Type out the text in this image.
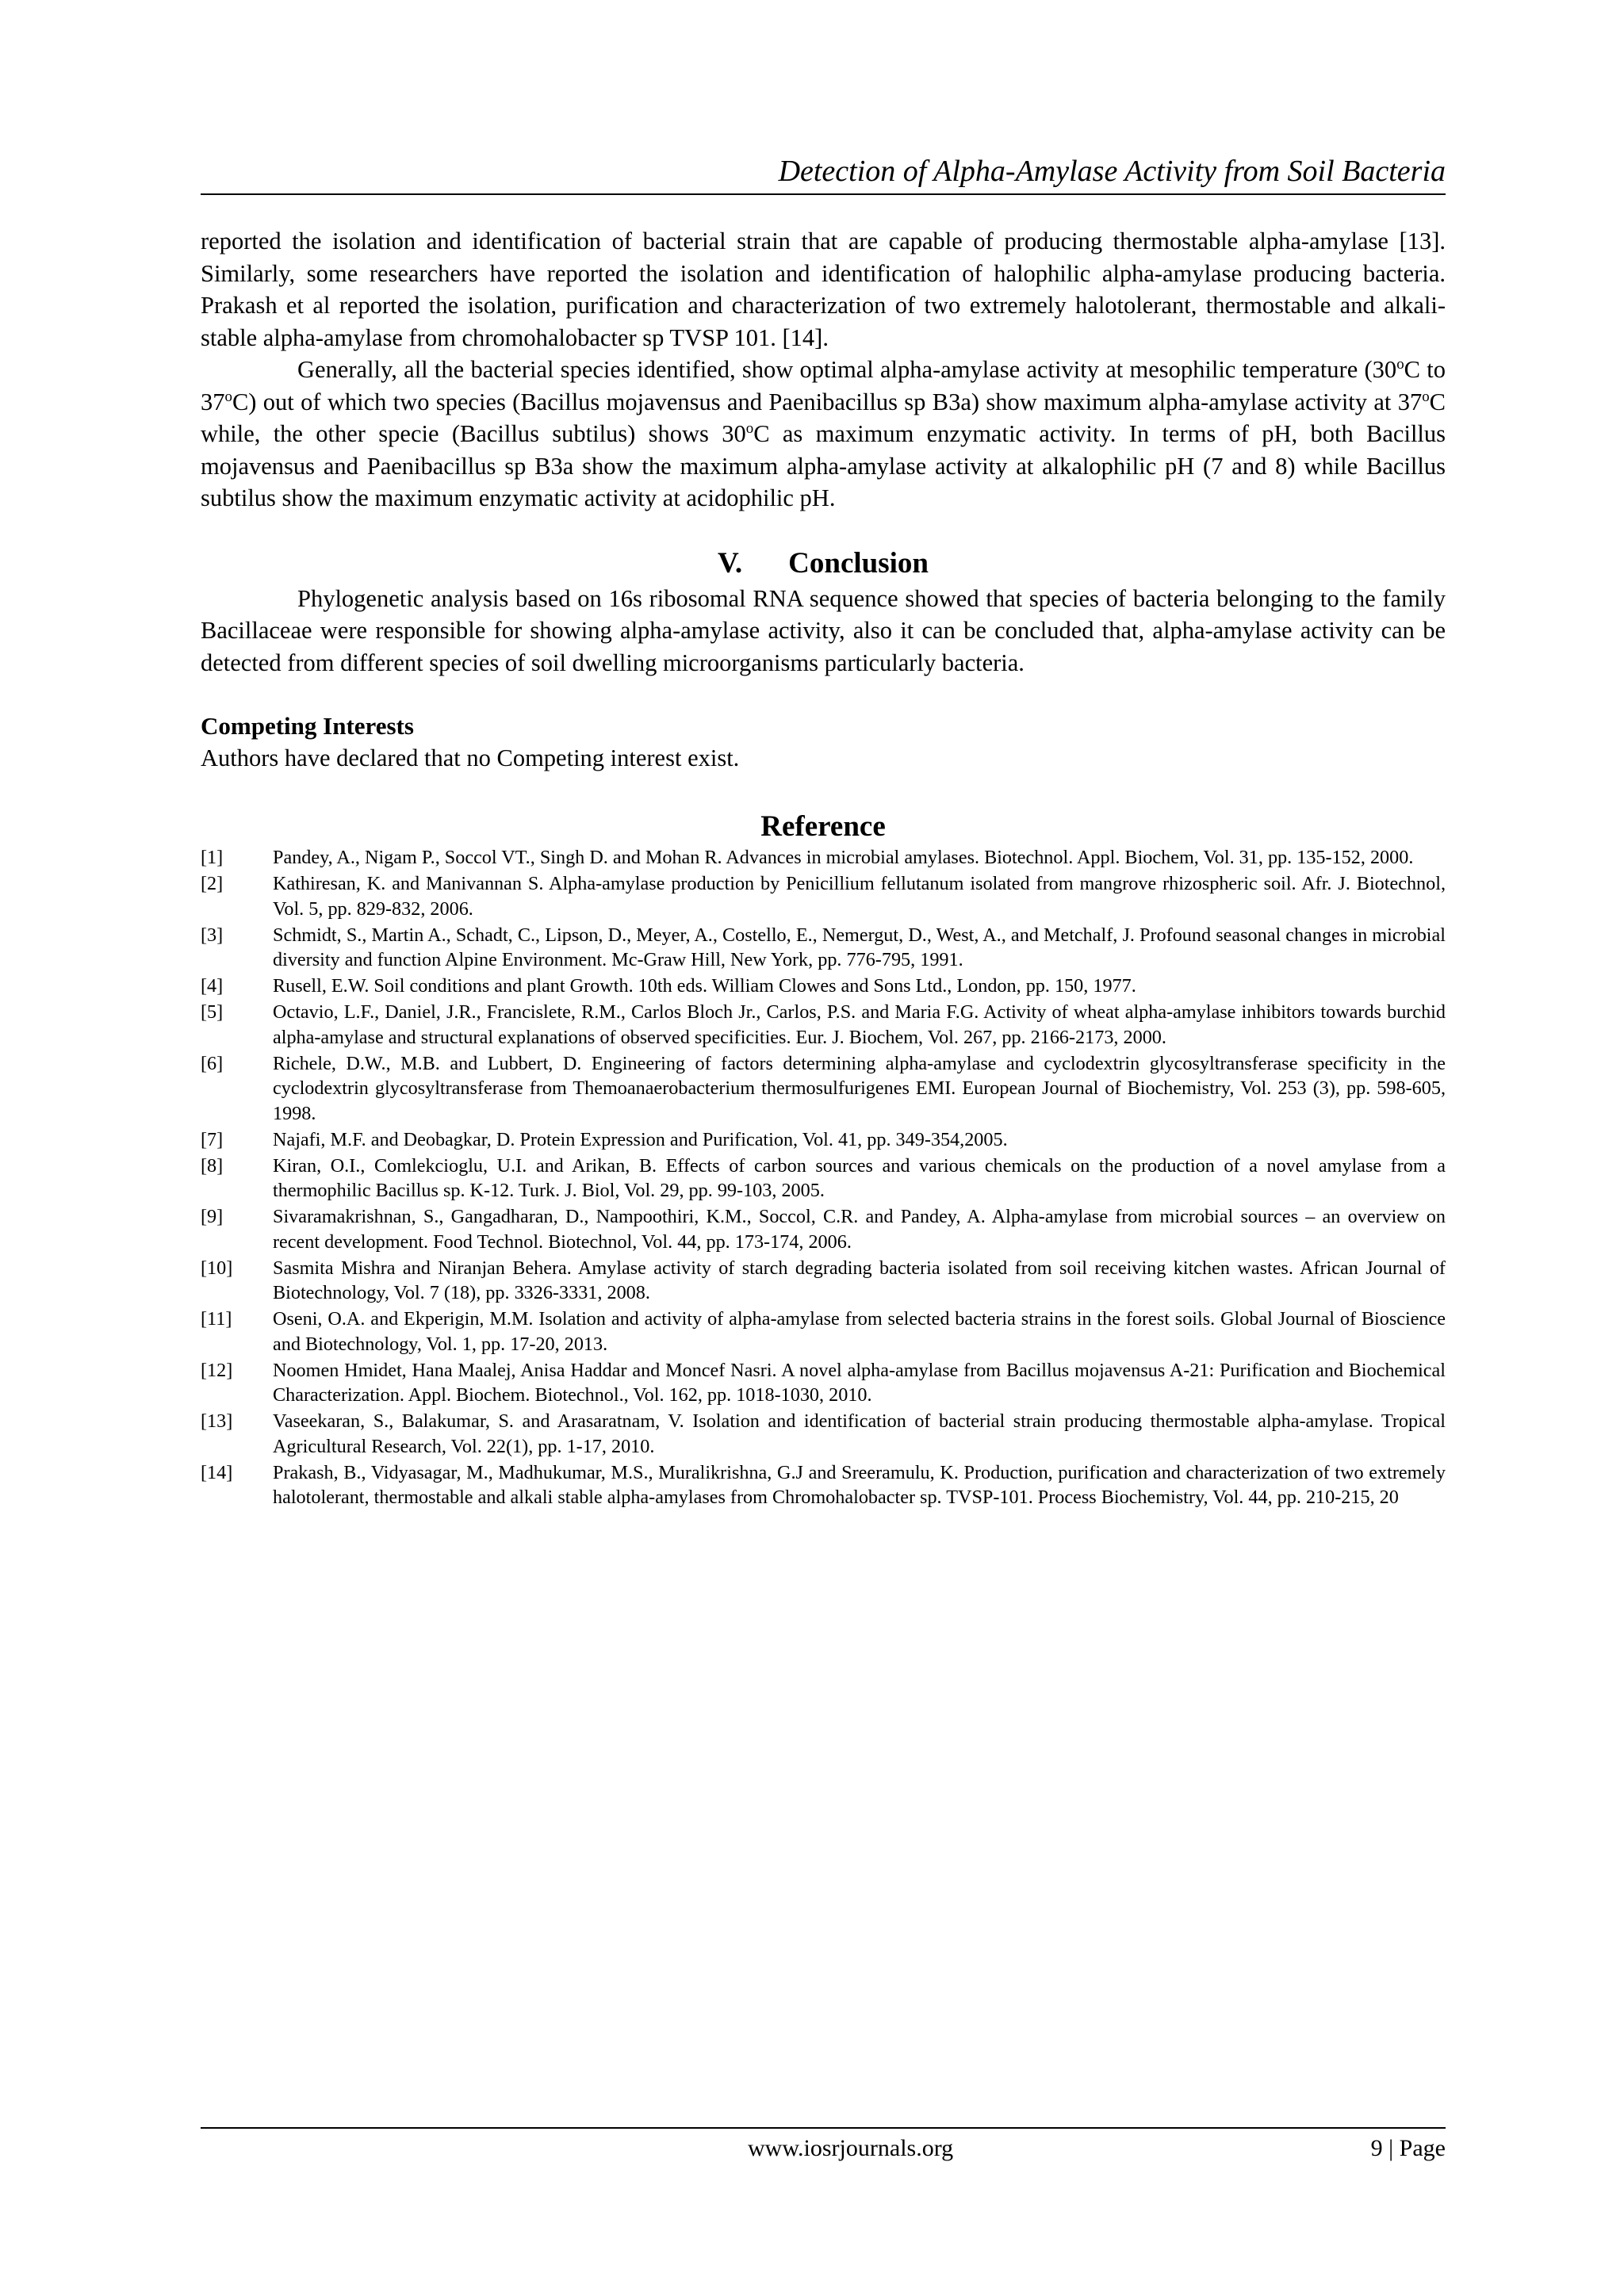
Detection of Alpha-Amylase Activity from Soil Bacteria

reported the isolation and identification of bacterial strain that are capable of producing thermostable alpha-amylase [13]. Similarly, some researchers have reported the isolation and identification of halophilic alpha-amylase producing bacteria. Prakash et al reported the isolation, purification and characterization of two extremely halotolerant, thermostable and alkali-stable alpha-amylase from chromohalobacter sp TVSP 101. [14].

Generally, all the bacterial species identified, show optimal alpha-amylase activity at mesophilic temperature (30$^o$C to 37$^o$C) out of which two species (Bacillus mojavensus and Paenibacillus sp B3a) show maximum alpha-amylase activity at 37$^o$C while, the other specie (Bacillus subtilus) shows 30$^o$C as maximum enzymatic activity. In terms of pH, both Bacillus mojavensus and Paenibacillus sp B3a show the maximum alpha-amylase activity at alkalophilic pH (7 and 8) while Bacillus subtilus show the maximum enzymatic activity at acidophilic pH.

V. Conclusion

Phylogenetic analysis based on 16s ribosomal RNA sequence showed that species of bacteria belonging to the family Bacillaceae were responsible for showing alpha-amylase activity, also it can be concluded that, alpha-amylase activity can be detected from different species of soil dwelling microorganisms particularly bacteria.

Competing Interests

Authors have declared that no Competing interest exist.

Reference
[1]	Pandey, A., Nigam P., Soccol VT., Singh D. and Mohan R. Advances in microbial amylases. Biotechnol. Appl. Biochem, Vol. 31, pp. 135-152, 2000.
[2]	Kathiresan, K. and Manivannan S. Alpha-amylase production by Penicillium fellutanum isolated from mangrove rhizospheric soil. Afr. J. Biotechnol, Vol. 5, pp. 829-832, 2006.
[3]	Schmidt, S., Martin A., Schadt, C., Lipson, D., Meyer, A., Costello, E., Nemergut, D., West, A., and Metchalf, J. Profound seasonal changes in microbial diversity and function Alpine Environment. Mc-Graw Hill, New York, pp. 776-795, 1991.
[4]	Rusell, E.W. Soil conditions and plant Growth. 10th eds. William Clowes and Sons Ltd., London, pp. 150, 1977.
[5]	Octavio, L.F., Daniel, J.R., Francislete, R.M., Carlos Bloch Jr., Carlos, P.S. and Maria F.G. Activity of wheat alpha-amylase inhibitors towards burchid alpha-amylase and structural explanations of observed specificities. Eur. J. Biochem, Vol. 267, pp. 2166-2173, 2000.
[6]	Richele, D.W., M.B. and Lubbert, D. Engineering of factors determining alpha-amylase and cyclodextrin glycosyltransferase specificity in the cyclodextrin glycosyltransferase from Themoanaerobacterium thermosulfurigenes EMI. European Journal of Biochemistry, Vol. 253 (3), pp. 598-605, 1998.
[7]	Najafi, M.F. and Deobagkar, D. Protein Expression and Purification, Vol. 41, pp. 349-354,2005.
[8]	Kiran, O.I., Comlekcioglu, U.I. and Arikan, B. Effects of carbon sources and various chemicals on the production of a novel amylase from a thermophilic Bacillus sp. K-12. Turk. J. Biol, Vol. 29, pp. 99-103, 2005.
[9]	Sivaramakrishnan, S., Gangadharan, D., Nampoothiri, K.M., Soccol, C.R. and Pandey, A. Alpha-amylase from microbial sources – an overview on recent development. Food Technol. Biotechnol, Vol. 44, pp. 173-174, 2006.
[10]	Sasmita Mishra and Niranjan Behera. Amylase activity of starch degrading bacteria isolated from soil receiving kitchen wastes. African Journal of Biotechnology, Vol. 7 (18), pp. 3326-3331, 2008.
[11]	Oseni, O.A. and Ekperigin, M.M. Isolation and activity of alpha-amylase from selected bacteria strains in the forest soils. Global Journal of Bioscience and Biotechnology, Vol. 1, pp. 17-20, 2013.
[12]	Noomen Hmidet, Hana Maalej, Anisa Haddar and Moncef Nasri. A novel alpha-amylase from Bacillus mojavensus A-21: Purification and Biochemical Characterization. Appl. Biochem. Biotechnol., Vol. 162, pp. 1018-1030, 2010.
[13]	Vaseekaran, S., Balakumar, S. and Arasaratnam, V. Isolation and identification of bacterial strain producing thermostable alpha-amylase. Tropical Agricultural Research, Vol. 22(1), pp. 1-17, 2010.
[14]	Prakash, B., Vidyasagar, M., Madhukumar, M.S., Muralikrishna, G.J and Sreeramulu, K. Production, purification and characterization of two extremely halotolerant, thermostable and alkali stable alpha-amylases from Chromohalobacter sp. TVSP-101. Process Biochemistry, Vol. 44, pp. 210-215, 20
www.iosrjournals.org	9 | Page
